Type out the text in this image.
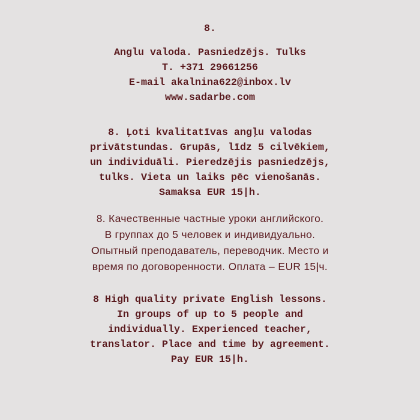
8.
Anglu valoda. Pasniedzējs. Tulks
T. +371 29661256
E-mail akalnina622@inbox.lv
www.sadarbe.com
8. Ļoti kvalitatīvas angļu valodas
privātstundas. Grupās, līdz 5 cilvēkiem,
un individuāli. Pieredzējis pasniedzējs,
tulks. Vieta un laiks pēc vienošanās.
Samaksa EUR 15|h.
8. Качественные частные уроки английского.
В группах до 5 человек и индивидуально.
Опытный преподаватель, переводчик. Место и
время по договоренности. Оплата – EUR 15|ч.
8 High quality private English lessons.
In groups of up to 5 people and
individually. Experienced teacher,
translator. Place and time by agreement.
Pay EUR 15|h.
